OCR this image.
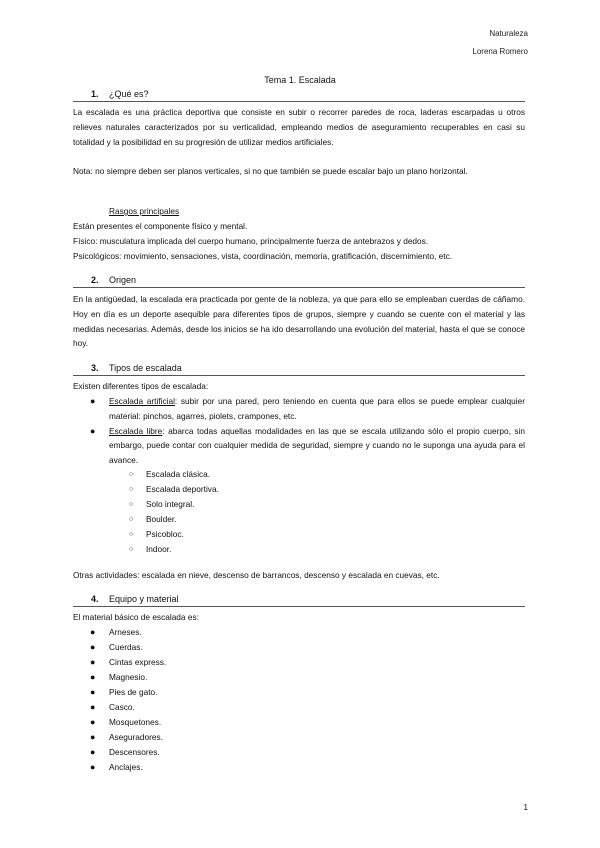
Naturaleza
Lorena Romero
Tema 1. Escalada
1. ¿Qué es?
La escalada es una práctica deportiva que consiste en subir o recorrer paredes de roca, laderas escarpadas u otros relieves naturales caracterizados por su verticalidad, empleando medios de aseguramiento recuperables en casi su totalidad y la posibilidad en su progresión de utilizar medios artificiales.
Nota: no siempre deben ser planos verticales, si no que también se puede escalar bajo un plano horizontal.
Rasgos principales
Están presentes el componente físico y mental.
Físico: musculatura implicada del cuerpo humano, principalmente fuerza de antebrazos y dedos.
Psicológicos: movimiento, sensaciones, vista, coordinación, memoria, gratificación, discernimiento, etc.
2. Origen
En la antigüedad, la escalada era practicada por gente de la nobleza, ya que para ello se empleaban cuerdas de cáñamo. Hoy en día es un deporte asequible para diferentes tipos de grupos, siempre y cuando se cuente con el material y las medidas necesarias. Además, desde los inicios se ha ido desarrollando una evolución del material, hasta el que se conoce hoy.
3. Tipos de escalada
Existen diferentes tipos de escalada:
● Escalada artificial: subir por una pared, pero teniendo en cuenta que para ellos se puede emplear cualquier material: pinchos, agarres, piolets, crampones, etc.
● Escalada libre: abarca todas aquellas modalidades en las que se escala utilizando sólo el propio cuerpo, sin embargo, puede contar con cualquier medida de seguridad, siempre y cuando no le suponga una ayuda para el avance.
○ Escalada clásica.
○ Escalada deportiva.
○ Solo integral.
○ Boulder.
○ Psicobloc.
○ Indoor.
Otras actividades: escalada en nieve, descenso de barrancos, descenso y escalada en cuevas, etc.
4. Equipo y material
El material básico de escalada es:
● Arneses.
● Cuerdas.
● Cintas express.
● Magnesio.
● Pies de gato.
● Casco.
● Mosquetones.
● Aseguradores.
● Descensores.
● Anclajes.
1
